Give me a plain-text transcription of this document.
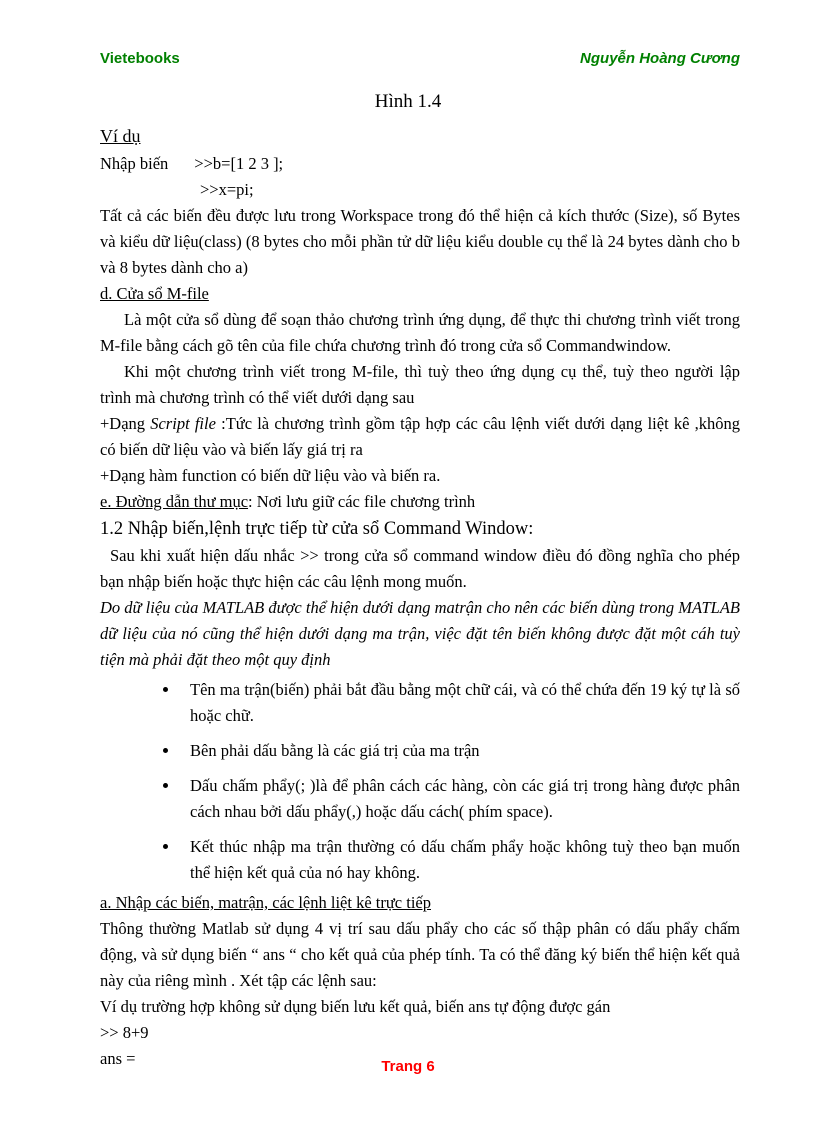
Vietebooks	Nguyễn Hoàng Cương
Hình 1.4
Ví dụ
Nhập biến >>b=[1 2 3 ];
>>x=pi;

Tất cả các biến đều được lưu trong Workspace trong đó thể hiện cả kích thước (Size), số Bytes và kiểu dữ liệu(class) (8 bytes cho mỗi phần tử dữ liệu kiểu double cụ thể là 24 bytes dành cho b và 8 bytes dành cho a)

d. Cửa sổ M-file

Là một cửa sổ dùng để soạn thảo chương trình ứng dụng, để thực thi chương trình viết trong M-file bằng cách gõ tên của file chứa chương trình đó trong cửa sổ Commandwindow.

Khi một chương trình viết trong M-file, thì tuỳ theo ứng dụng cụ thể, tuỳ theo người lập trình mà chương trình có thể viết dưới dạng sau

+Dạng Script file :Tức là chương trình gồm tập hợp các câu lệnh viết dưới dạng liệt kê ,không có biến dữ liệu vào và biến lấy giá trị ra

+Dạng hàm function có biến dữ liệu vào và biến ra.

e. Đường dẫn thư mục: Nơi lưu giữ các file chương trình
1.2 Nhập biến,lệnh trực tiếp từ cửa sổ Command Window:

Sau khi xuất hiện dấu nhắc >> trong cửa sổ command window điều đó đồng nghĩa cho phép bạn nhập biến hoặc thực hiện các câu lệnh mong muốn.

Do dữ liệu của MATLAB được thể hiện dưới dạng matrận cho nên các biến dùng trong MATLAB dữ liệu của nó cũng thể hiện dưới dạng ma trận, việc đặt tên biến không được đặt một cáh tuỳ tiện mà phải đặt theo một quy định

• Tên ma trận(biến) phải bắt đầu bằng một chữ cái, và có thể chứa đến 19 ký tự là số hoặc chữ.
• Bên phải dấu bằng là các giá trị của ma trận
• Dấu chấm phẩy(; )là để phân cách các hàng, còn các giá trị trong hàng được phân cách nhau bởi dấu phẩy(,) hoặc dấu cách( phím space).
• Kết thúc nhập ma trận thường có dấu chấm phẩy hoặc không tuỳ theo bạn muốn thể hiện kết quả của nó hay không.
a. Nhập các biến, matrận, các lệnh liệt kê trực tiếp

Thông thường Matlab sử dụng 4 vị trí sau dấu phẩy cho các số thập phân có dấu phẩy chấm động, và sử dụng biến “ ans “ cho kết quả của phép tính. Ta có thể đăng ký biến thể hiện kết quả này của riêng mình . Xét tập các lệnh sau:

Ví dụ trường hợp không sử dụng biến lưu kết quả, biến ans tự động được gán
>> 8+9
ans =	Trang 6
